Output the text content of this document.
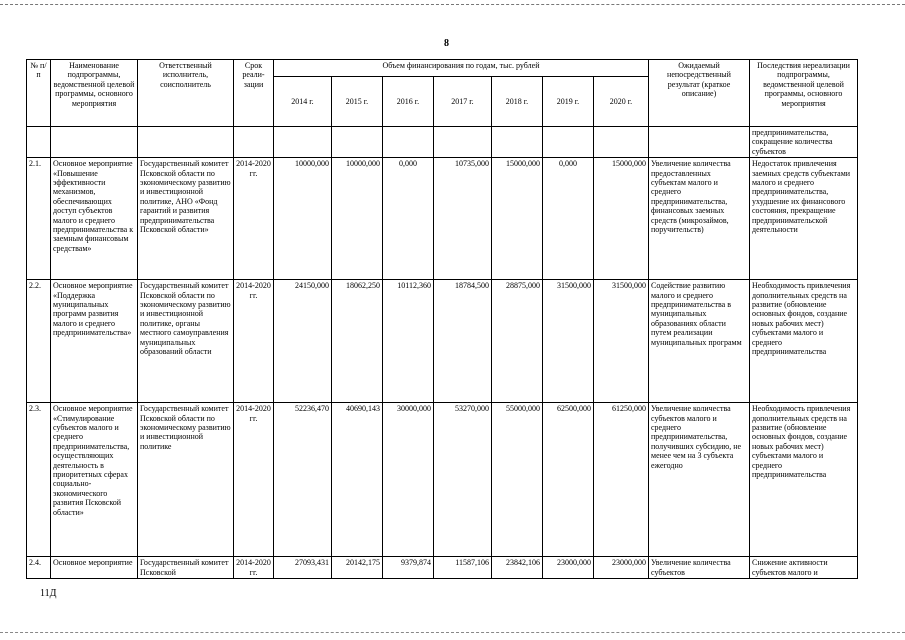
8
№ п/п	Наименование подпрограммы, ведомственной целевой программы, основного мероприятия	Ответственный исполнитель, соисполнитель	Срок реали-зации	Объем финансирования по годам, тыс. рублей							Ожидаемый непосредственный результат (краткое описание)	Последствия нереализации подпрограммы, ведомственной целевой программы, основного мероприятия
				2014 г.	2015 г.	2016 г.	2017 г.	2018 г.	2019 г.	2020 г.		
												предпринимательства, сокращение количества субъектов
2.1.	Основное мероприятие «Повышение эффективности механизмов, обеспечивающих доступ субъектов малого и среднего предпринимательства к заемным финансовым средствам»	Государственный комитет Псковской области по экономическому развитию и инвестиционной политике, АНО «Фонд гарантий и развития предпринимательства Псковской области»	2014-2020 гг.	10000,000	10000,000	0,000	10735,000	15000,000	0,000	15000,000	Увеличение количества предоставленных субъектам малого и среднего предпринимательства, финансовых заемных средств (микрозаймов, поручительств)	Недостаток привлечения заемных средств субъектами малого и среднего предпринимательства, ухудшение их финансового состояния, прекращение предпринимательской деятельности
2.2.	Основное мероприятие «Поддержка муниципальных программ развития малого и среднего предпринимательства»	Государственный комитет Псковской области по экономическому развитию и инвестиционной политике, органы местного самоуправления муниципальных образований области	2014-2020 гг.	24150,000	18062,250	10112,360	18784,500	28875,000	31500,000	31500,000	Содействие развитию малого и среднего предпринимательства в муниципальных образованиях области путем реализации муниципальных программ	Необходимость привлечения дополнительных средств на развитие (обновление основных фондов, создание новых рабочих мест) субъектами малого и среднего предпринимательства
2.3.	Основное мероприятие «Стимулирование субъектов малого и среднего предпринимательства, осуществляющих деятельность в приоритетных сферах социально-экономического развития Псковской области»	Государственный комитет Псковской области по экономическому развитию и инвестиционной политике	2014-2020 гг.	52236,470	40690,143	30000,000	53270,000	55000,000	62500,000	61250,000	Увеличение количества субъектов малого и среднего предпринимательства, получивших субсидию, не менее чем на 3 субъекта ежегодно	Необходимость привлечения дополнительных средств на развитие (обновление основных фондов, создание новых рабочих мест) субъектами малого и среднего предпринимательства
2.4.	Основное мероприятие	Государственный комитет Псковской	2014-2020 гг.	27093,431	20142,175	9379,874	11587,106	23842,106	23000,000	23000,000	Увеличение количества субъектов	Снижение активности субъектов малого и
11Д
